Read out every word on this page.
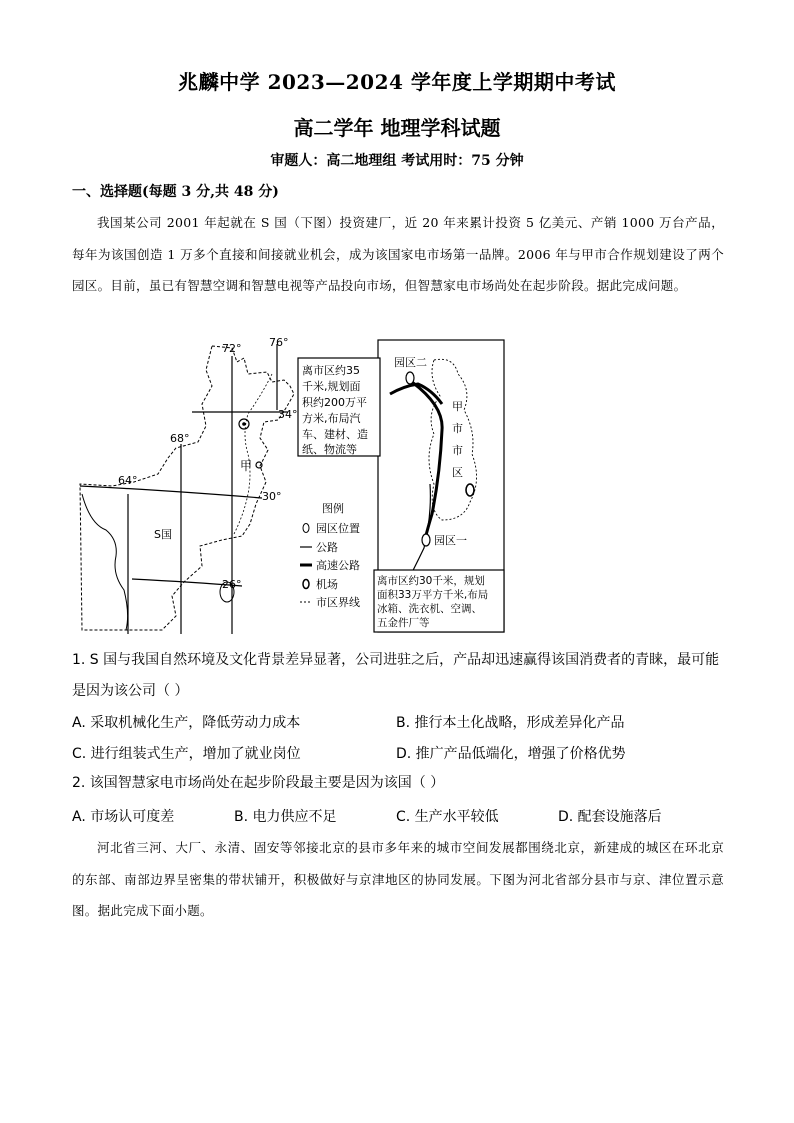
兆麟中学 2023—2024 学年度上学期期中考试
高二学年 地理学科试题
审题人：高二地理组 考试用时：75 分钟
一、选择题(每题 3 分,共 48 分)
我国某公司 2001 年起就在 S 国（下图）投资建厂，近 20 年来累计投资 5 亿美元、产销 1000 万台产品，每年为该国创造 1 万多个直接和间接就业机会，成为该国家电市场第一品牌。2006 年与甲市合作规划建设了两个园区。目前，虽已有智慧空调和智慧电视等产品投向市场，但智慧家电市场尚处在起步阶段。据此完成问题。
甲
72°	76°
34°
68°
64°
30°
26°
S国
图例
园区位置
公路
高速公路
机场
市区界线
园区二
园区一
甲
市
市
区
离市区约35
千米,规划面
积约200万平
方米,布局汽
车、建材、造
纸、物流等
离市区约30千米，规划
面积33万平方千米,布局
冰箱、洗衣机、空调、
五金件厂等
1. S 国与我国自然环境及文化背景差异显著，公司进驻之后，产品却迅速赢得该国消费者的青睐，最可能是因为该公司（ ）
A. 采取机械化生产，降低劳动力成本	B. 推行本土化战略，形成差异化产品
C. 进行组装式生产，增加了就业岗位	D. 推广产品低端化，增强了价格优势
2. 该国智慧家电市场尚处在起步阶段最主要是因为该国（ ）
A. 市场认可度差	B. 电力供应不足	C. 生产水平较低	D. 配套设施落后
河北省三河、大厂、永清、固安等邻接北京的县市多年来的城市空间发展都围绕北京，新建成的城区在环北京的东部、南部边界呈密集的带状铺开，积极做好与京津地区的协同发展。下图为河北省部分县市与京、津位置示意图。据此完成下面小题。
